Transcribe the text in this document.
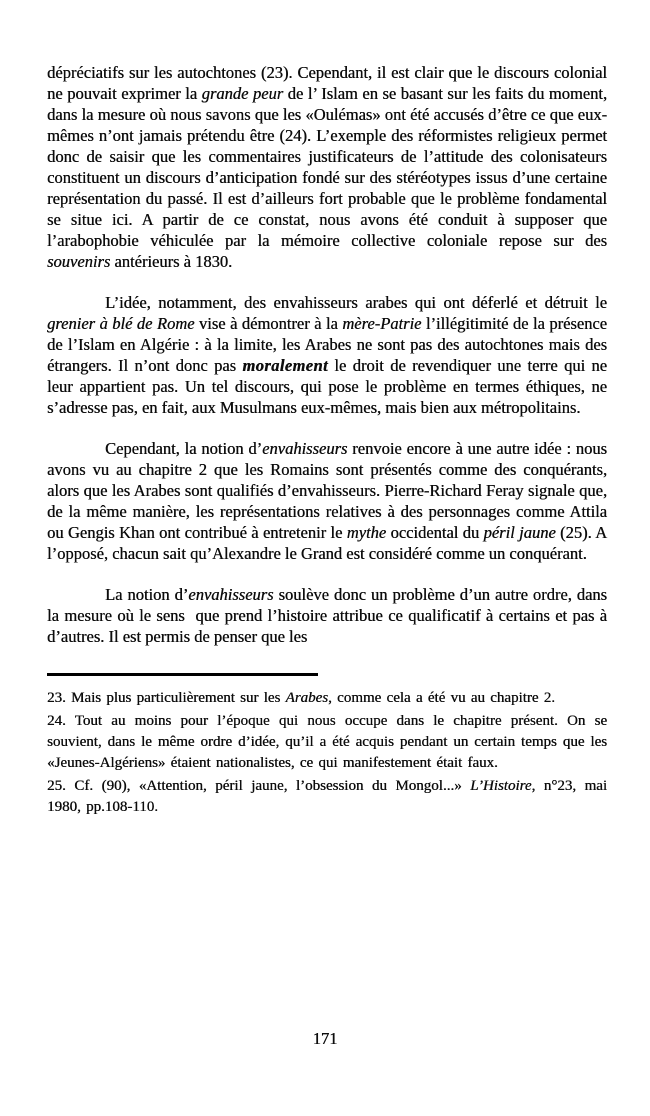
dépréciatifs sur les autochtones (23). Cependant, il est clair que le discours colonial ne pouvait exprimer la grande peur de l’ Islam en se basant sur les faits du moment, dans la mesure où nous savons que les «Oulémas» ont été accusés d’être ce que eux-mêmes n’ont jamais prétendu être (24). L’exemple des réformistes religieux permet donc de saisir que les commentaires justificateurs de l’attitude des colonisateurs constituent un discours d’anticipation fondé sur des stéréotypes issus d’une certaine représentation du passé. Il est d’ailleurs fort probable que le problème fondamental se situe ici. A partir de ce constat, nous avons été conduit à supposer que l’arabophobie véhiculée par la mémoire collective coloniale repose sur des souvenirs antérieurs à 1830.

L’idée, notamment, des envahisseurs arabes qui ont déferlé et détruit le grenier à blé de Rome vise à démontrer à la mère-Patrie l’illégitimité de la présence de l’Islam en Algérie : à la limite, les Arabes ne sont pas des autochtones mais des étrangers. Il n’ont donc pas moralement le droit de revendiquer une terre qui ne leur appartient pas. Un tel discours, qui pose le problème en termes éthiques, ne s’adresse pas, en fait, aux Musulmans eux-mêmes, mais bien aux métropolitains.

Cependant, la notion d’envahisseurs renvoie encore à une autre idée : nous avons vu au chapitre 2 que les Romains sont présentés comme des conquérants, alors que les Arabes sont qualifiés d’envahisseurs. Pierre-Richard Feray signale que, de la même manière, les représentations relatives à des personnages comme Attila ou Gengis Khan ont contribué à entretenir le mythe occidental du péril jaune (25). A l’opposé, chacun sait qu’Alexandre le Grand est considéré comme un conquérant.

La notion d’envahisseurs soulève donc un problème d’un autre ordre, dans la mesure où le sens  que prend l’histoire attribue ce qualificatif à certains et pas à d’autres. Il est permis de penser que les

23. Mais plus particulièrement sur les Arabes, comme cela a été vu au chapitre 2.

24. Tout au moins pour l’époque qui nous occupe dans le chapitre présent. On se souvient, dans le même ordre d’idée, qu’il a été acquis pendant un certain temps que les «Jeunes-Algériens» étaient nationalistes, ce qui manifestement était faux.

25. Cf. (90), «Attention, péril jaune, l’obsession du Mongol...» L’Histoire, n°23, mai 1980, pp.108-110.

171
